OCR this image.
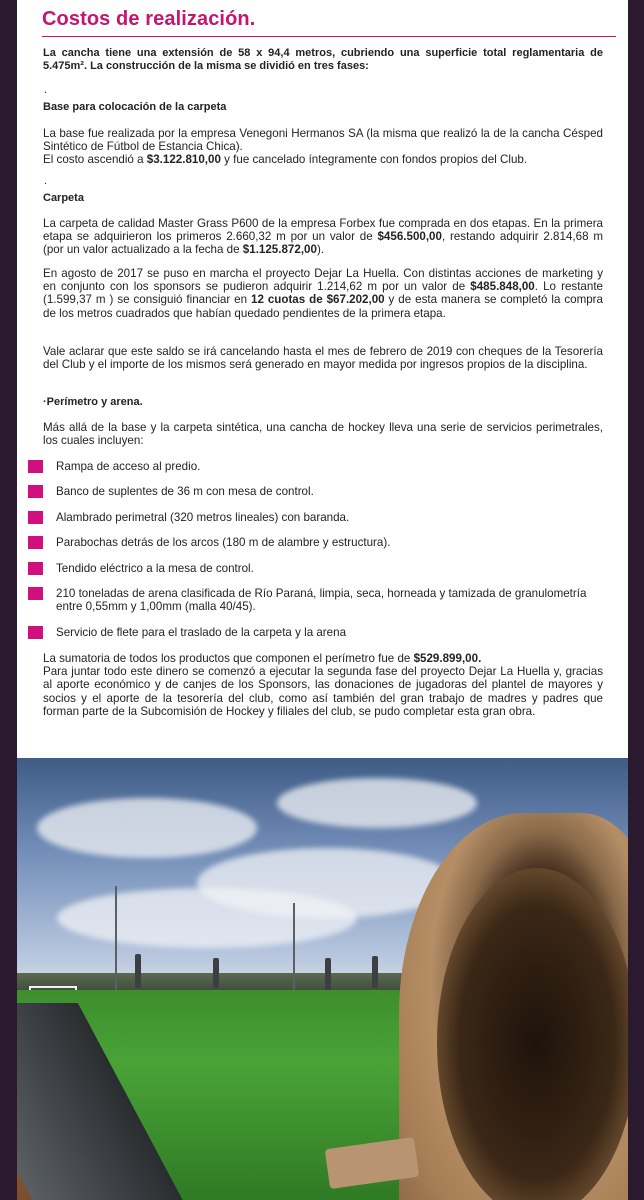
Costos de realización.
La cancha tiene una extensión de 58 x 94,4 metros, cubriendo una superficie total reglamentaria de 5.475m². La construcción de la misma se dividió en tres fases:
.
Base para colocación de la carpeta
La base fue realizada por la empresa Venegoni Hermanos SA (la misma que realizó la de la cancha Césped Sintético de Fútbol de Estancia Chica).
El costo ascendió a $3.122.810,00 y fue cancelado íntegramente con fondos propios del Club.
.
Carpeta
La carpeta de calidad Master Grass P600 de la empresa Forbex fue comprada en dos etapas. En la primera etapa se adquirieron los primeros 2.660,32 m por un valor de $456.500,00, restando adquirir 2.814,68 m (por un valor actualizado a la fecha de $1.125.872,00).
En agosto de 2017 se puso en marcha el proyecto Dejar La Huella. Con distintas acciones de marketing y en conjunto con los sponsors se pudieron adquirir 1.214,62 m por un valor de $485.848,00. Lo restante (1.599,37 m ) se consiguió financiar en 12 cuotas de $67.202,00 y de esta manera se completó la compra de los metros cuadrados que habían quedado pendientes de la primera etapa.
Vale aclarar que este saldo se irá cancelando hasta el mes de febrero de 2019 con cheques de la Tesorería del Club y el importe de los mismos será generado en mayor medida por ingresos propios de la disciplina.
·Perímetro y arena.
Más allá de la base y la carpeta sintética, una cancha de hockey lleva una serie de servicios perimetrales, los cuales incluyen:
Rampa de acceso al predio.
Banco de suplentes de 36 m con mesa de control.
Alambrado perimetral (320 metros lineales) con baranda.
Parabochas detrás de los arcos (180 m de alambre y estructura).
Tendido eléctrico a la mesa de control.
210 toneladas de arena clasificada de Río Paraná, limpia, seca, horneada y tamizada de granulometría entre 0,55mm y 1,00mm (malla 40/45).
Servicio de flete para el traslado de la carpeta y la arena
La sumatoria de todos los productos que componen el perímetro fue de $529.899,00.
Para juntar todo este dinero se comenzó a ejecutar la segunda fase del proyecto Dejar La Huella y, gracias al aporte económico y de canjes de los Sponsors, las donaciones de jugadoras del plantel de mayores y socios y el aporte de la tesorería del club, como así también del gran trabajo de madres y padres que forman parte de la Subcomisión de Hockey y filiales del club, se pudo completar esta gran obra.
